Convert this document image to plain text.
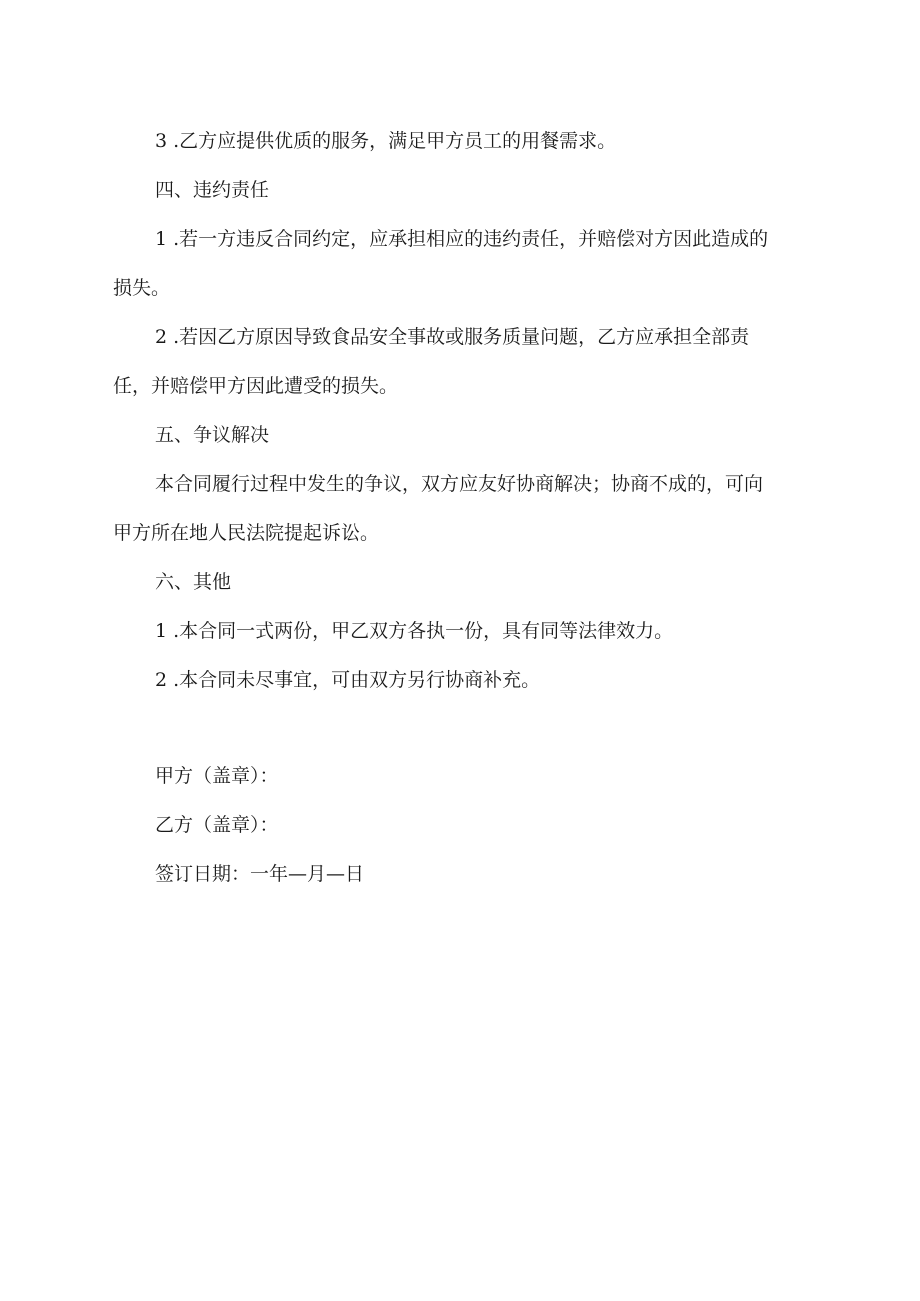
3 .乙方应提供优质的服务，满足甲方员工的用餐需求。
四、违约责任
1 .若一方违反合同约定，应承担相应的违约责任，并赔偿对方因此造成的
损失。
2 .若因乙方原因导致食品安全事故或服务质量问题，乙方应承担全部责
任，并赔偿甲方因此遭受的损失。
五、争议解决
本合同履行过程中发生的争议，双方应友好协商解决；协商不成的，可向
甲方所在地人民法院提起诉讼。
六、其他
1 .本合同一式两份，甲乙双方各执一份，具有同等法律效力。
2 .本合同未尽事宜，可由双方另行协商补充。
甲方（盖章）：
乙方（盖章）：
签订日期：一年—月—日
